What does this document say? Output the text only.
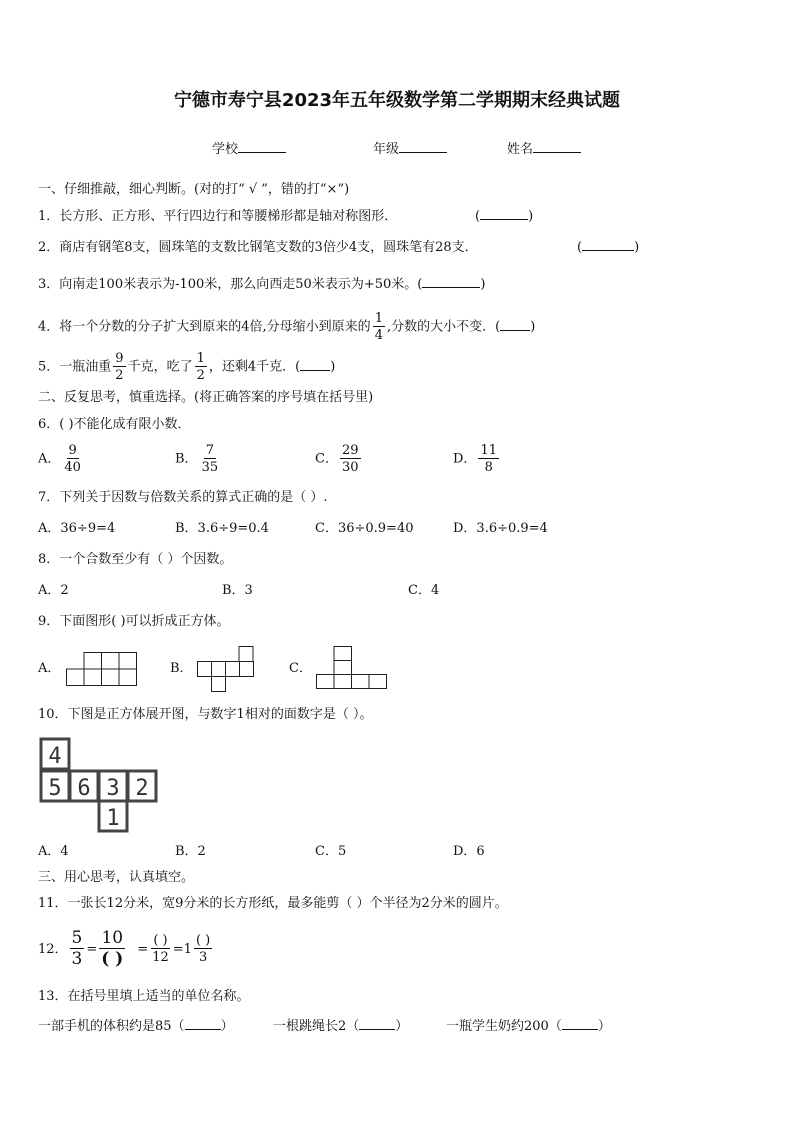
宁德市寿宁县2023年五年级数学第二学期期末经典试题
学校	年级	姓名
一、仔细推敲，细心判断。(对的打“ √ ”，错的打“×”)
1．长方形、正方形、平行四边行和等腰梯形都是轴对称图形．	(	)
2．商店有钢笔8支，圆珠笔的支数比钢笔支数的3倍少4支，圆珠笔有28支．	(	)
3．向南走100米表示为-100米，那么向西走50米表示为+50米。(	)
4．将一个分数的分子扩大到原来的4倍,分母缩小到原来的 $\frac{1}{4}$ ,分数的大小不变．( )
5．一瓶油重 $\frac{9}{2}$ 千克，吃了 $\frac{1}{2}$ ，还剩4千克．( )
二、反复思考，慎重选择。(将正确答案的序号填在括号里)
6．( )不能化成有限小数．
A． $\frac{9}{40}$	B． $\frac{7}{35}$	C． $\frac{29}{30}$	D． $\frac{11}{8}$
7．下列关于因数与倍数关系的算式正确的是（ ）.
A．36÷9=4	B．3.6÷9=0.4	C．36÷0.9=40	D．3.6÷0.9=4
8．一个合数至少有（ ）个因数。
A．2	B．3	C．4
9．下面图形( )可以折成正方体。
A．	B．	C．
10．下图是正方体展开图，与数字1相对的面数字是（ ）。
4
5 6 3 2
1
A．4	B．2	C．5	D．6
三、用心思考，认真填空。
11．一张长12分米，宽9分米的长方形纸，最多能剪（ ）个半径为2分米的圆片。
12． $\frac{5}{3} = \frac{10}{( )} = \frac{( )}{12} = 1 \frac{( )}{3}$
13．在括号里填上适当的单位名称。
一部手机的体积约是85（	）	一根跳绳长2（	）	一瓶学生奶约200（	）
